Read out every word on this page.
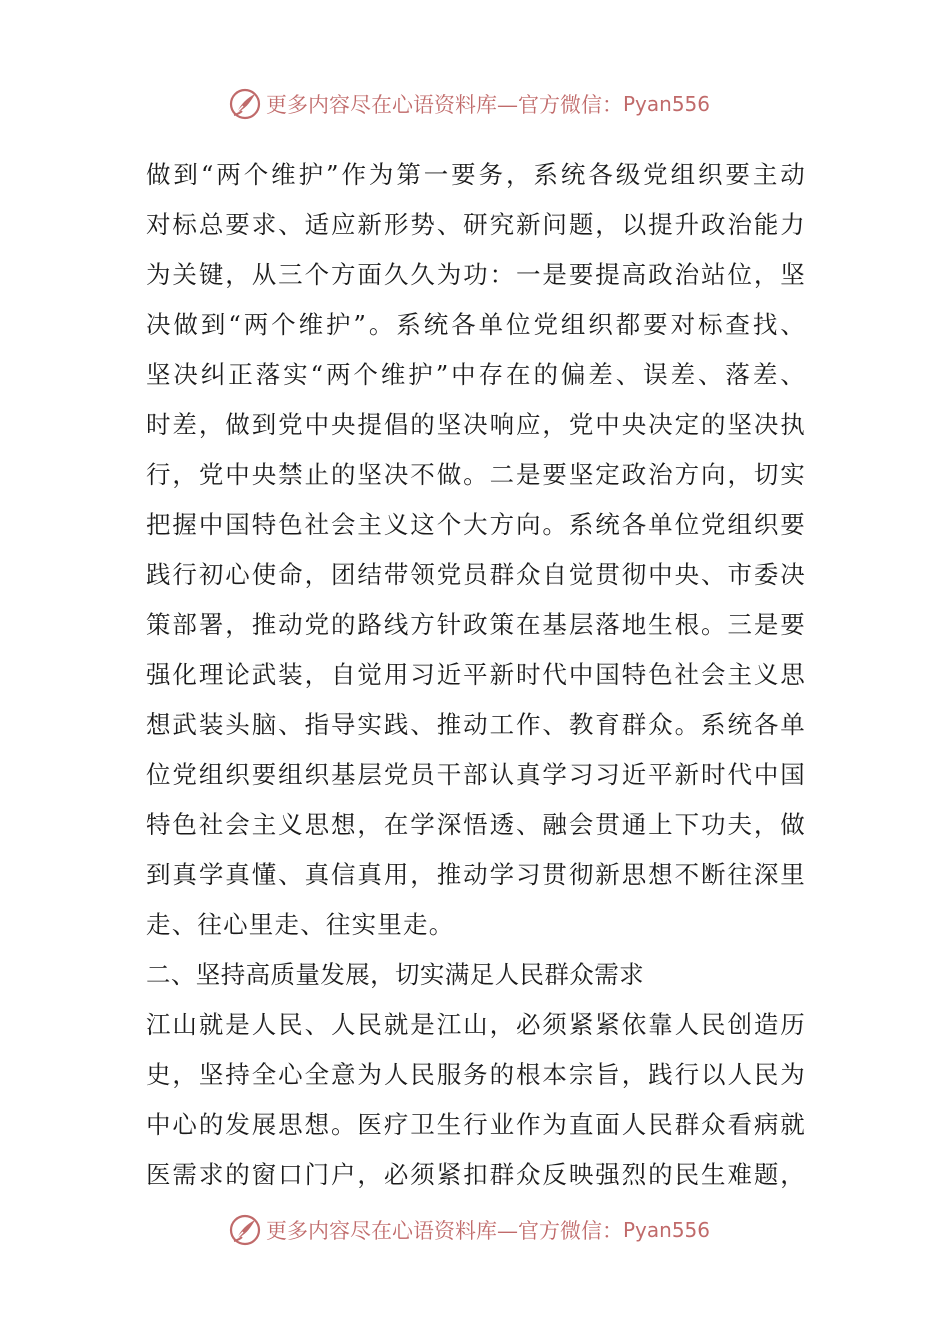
更多内容尽在心语资料库—官方微信： Pyan556
做到“两个维护”作为第一要务，系统各级党组织要主动
对标总要求、适应新形势、研究新问题，以提升政治能力
为关键，从三个方面久久为功：一是要提高政治站位，坚
决做到“两个维护”。系统各单位党组织都要对标查找、
坚决纠正落实“两个维护”中存在的偏差、误差、落差、
时差，做到党中央提倡的坚决响应，党中央决定的坚决执
行，党中央禁止的坚决不做。二是要坚定政治方向，切实
把握中国特色社会主义这个大方向。系统各单位党组织要
践行初心使命，团结带领党员群众自觉贯彻中央、市委决
策部署，推动党的路线方针政策在基层落地生根。三是要
强化理论武装，自觉用习近平新时代中国特色社会主义思
想武装头脑、指导实践、推动工作、教育群众。系统各单
位党组织要组织基层党员干部认真学习习近平新时代中国
特色社会主义思想，在学深悟透、融会贯通上下功夫，做
到真学真懂、真信真用，推动学习贯彻新思想不断往深里
走、往心里走、往实里走。
二、坚持高质量发展，切实满足人民群众需求
江山就是人民、人民就是江山，必须紧紧依靠人民创造历
史，坚持全心全意为人民服务的根本宗旨，践行以人民为
中心的发展思想。医疗卫生行业作为直面人民群众看病就
医需求的窗口门户，必须紧扣群众反映强烈的民生难题，
更多内容尽在心语资料库—官方微信： Pyan556
